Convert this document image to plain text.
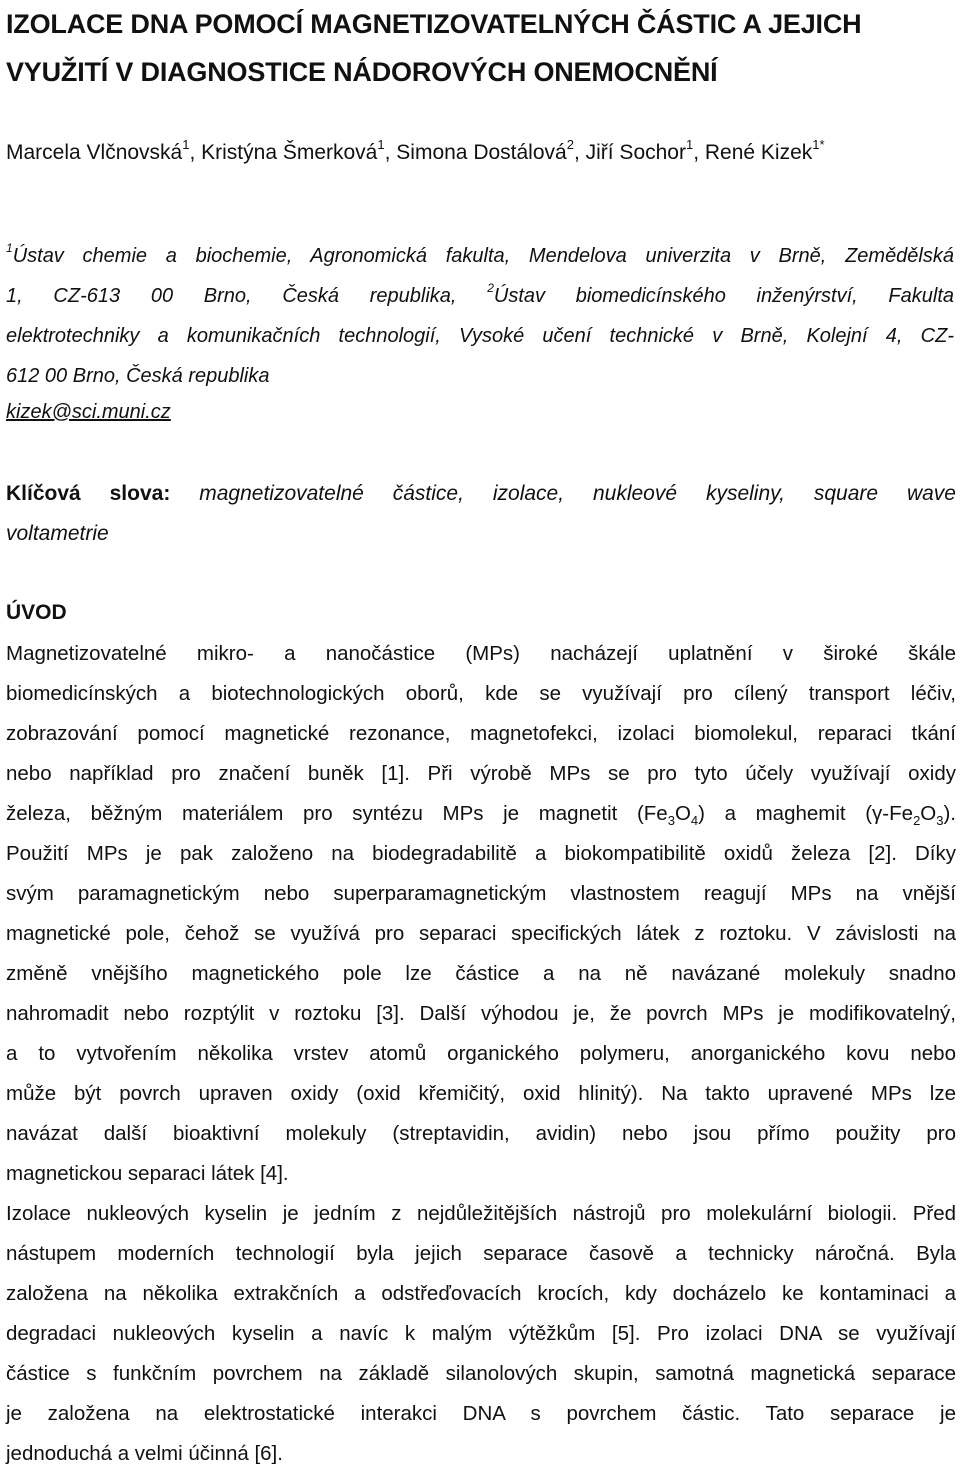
IZOLACE DNA POMOCÍ MAGNETIZOVATELNÝCH ČÁSTIC A JEJICH
VYUŽITÍ V DIAGNOSTICE NÁDOROVÝCH ONEMOCNĚNÍ
Marcela Vlčnovská$^1$, Kristýna Šmerková$^1$, Simona Dostálová$^2$, Jiří Sochor$^1$, René Kizek$^{1*}$
$^1$Ústav chemie a biochemie, Agronomická fakulta, Mendelova univerzita v Brně, Zemědělská
1, CZ-613 00 Brno, Česká republika,	$^2$Ústav biomedicínského inženýrství, Fakulta
elektrotechniky a komunikačních technologií, Vysoké učení technické v Brně, Kolejní 4, CZ-
612 00 Brno, Česká republika
kizek@sci.muni.cz
Klíčová slova: magnetizovatelné částice, izolace, nukleové kyseliny, square wave
voltametrie
ÚVOD
Magnetizovatelné mikro- a nanočástice (MPs) nacházejí uplatnění v široké škále
biomedicínských a biotechnologických oborů, kde se využívají pro cílený transport léčiv,
zobrazování pomocí magnetické rezonance, magnetofekci, izolaci biomolekul, reparaci tkání
nebo například pro značení buněk [1]. Při výrobě MPs se pro tyto účely využívají oxidy
železa, běžným materiálem pro syntézu MPs je magnetit $(Fe_3O_4)$ a maghemit $(\gamma-Fe_2O_3)$.
Použití MPs je pak založeno na biodegradabilitě a biokompatibilitě oxidů železa [2]. Díky
svým paramagnetickým nebo superparamagnetickým vlastnostem reagují MPs na vnější
magnetické pole, čehož se využívá pro separaci specifických látek z roztoku. V závislosti na
změně vnějšího magnetického pole lze částice a na ně navázané molekuly snadno
nahromadit nebo rozptýlit v roztoku [3]. Další výhodou je, že povrch MPs je modifikovatelný,
a to vytvořením několika vrstev atomů organického polymeru, anorganického kovu nebo
může být povrch upraven oxidy (oxid křemičitý, oxid hlinitý). Na takto upravené MPs lze
navázat další bioaktivní molekuly (streptavidin, avidin) nebo jsou přímo použity pro
magnetickou separaci látek [4].
Izolace nukleových kyselin je jedním z nejdůležitějších nástrojů pro molekulární biologii. Před
nástupem moderních technologií byla jejich separace časově a technicky náročná. Byla
založena na několika extrakčních a odstřeďovacích krocích, kdy docházelo ke kontaminaci a
degradaci nukleových kyselin a navíc k malým výtěžkům [5]. Pro izolaci DNA se využívají
částice s funkčním povrchem na základě silanolových skupin, samotná magnetická separace
je založena na elektrostatické interakci DNA s povrchem částic. Tato separace je
jednoduchá a velmi účinná [6].
